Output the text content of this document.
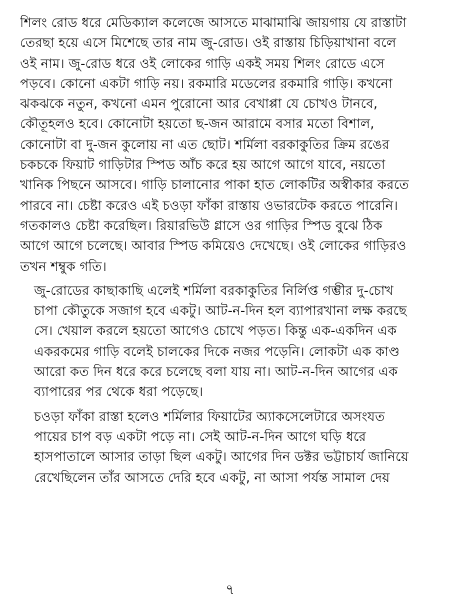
শিলং রোড ধরে মেডিক্যাল কলেজে আসতে মাঝামাঝি জায়গায় যে রাস্তাটা
তেরছা হয়ে এসে মিশেছে তার নাম জু-রোড। ওই রাস্তায় চিড়িয়াখানা বলে
ওই নাম। জু-রোড ধরে ওই লোকের গাড়ি একই সময় শিলং রোডে এসে
পড়বে। কোনো একটা গাড়ি নয়। রকমারি মডেলের রকমারি গাড়ি। কখনো
ঝকঝকে নতুন, কখনো এমন পুরোনো আর বেখাপ্পা যে চোখও টানবে,
কৌতূহলও হবে। কোনোটা হয়তো ছ-জন আরামে বসার মতো বিশাল,
কোনোটা বা দু-জন কুলোয় না এত ছোট। শর্মিলা বরকাকুতির ক্রিম রঙের
চকচকে ফিয়াট গাড়িটার স্পিড আঁচ করে হয় আগে আগে যাবে, নয়তো
খানিক পিছনে আসবে। গাড়ি চালানোর পাকা হাত লোকটির অস্বীকার করতে
পারবে না। চেষ্টা করেও এই চওড়া ফাঁকা রাস্তায় ওভারটেক করতে পারেনি।
গতকালও চেষ্টা করেছিল। রিয়ারভিউ গ্লাসে ওর গাড়ির স্পিড বুঝে ঠিক
আগে আগে চলেছে। আবার স্পিড কমিয়েও দেখেছে। ওই লোকের গাড়িরও
তখন শম্বুক গতি।

জু-রোডের কাছাকাছি এলেই শর্মিলা বরকাকুতির নির্লিপ্ত গম্ভীর দু-চোখ
চাপা কৌতুকে সজাগ হবে একটু। আট-ন-দিন হল ব্যাপারখানা লক্ষ করছে
সে। খেয়াল করলে হয়তো আগেও চোখে পড়ত। কিন্তু এক-একদিন এক
একরকমের গাড়ি বলেই চালকের দিকে নজর পড়েনি। লোকটা এক কাণ্ড
আরো কত দিন ধরে করে চলেছে বলা যায় না। আট-ন-দিন আগের এক
ব্যাপারের পর থেকে ধরা পড়েছে।

চওড়া ফাঁকা রাস্তা হলেও শর্মিলার ফিয়াটের অ্যাকসেলেটারে অসংযত
পায়ের চাপ বড় একটা পড়ে না। সেই আট-ন-দিন আগে ঘড়ি ধরে
হাসপাতালে আসার তাড়া ছিল একটু। আগের দিন ডক্টর ভট্টাচার্য জানিয়ে
রেখেছিলেন তাঁর আসতে দেরি হবে একটু, না আসা পর্যন্ত সামাল দেয়

৭
